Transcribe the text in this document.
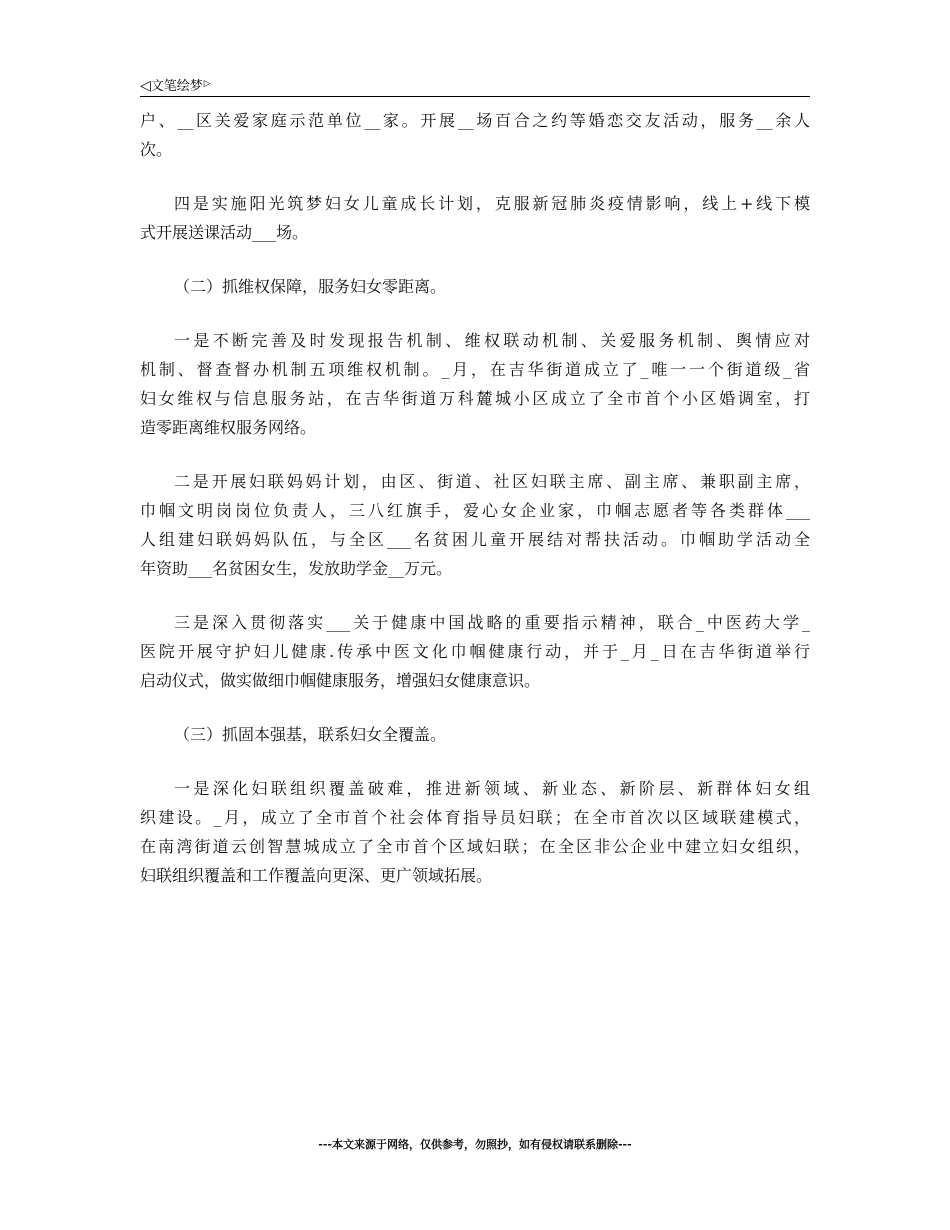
◁文笔绘梦▷
户、__区关爱家庭示范单位__家。开展__场百合之约等婚恋交友活动，服务__余人
次。
四是实施阳光筑梦妇女儿童成长计划，克服新冠肺炎疫情影响，线上+线下模
式开展送课活动___场。
（二）抓维权保障，服务妇女零距离。
一是不断完善及时发现报告机制、维权联动机制、关爱服务机制、舆情应对
机制、督查督办机制五项维权机制。_月，在吉华街道成立了_唯一一个街道级_省
妇女维权与信息服务站，在吉华街道万科麓城小区成立了全市首个小区婚调室，打
造零距离维权服务网络。
二是开展妇联妈妈计划，由区、街道、社区妇联主席、副主席、兼职副主席，
巾帼文明岗岗位负责人，三八红旗手，爱心女企业家，巾帼志愿者等各类群体___
人组建妇联妈妈队伍，与全区___名贫困儿童开展结对帮扶活动。巾帼助学活动全
年资助___名贫困女生，发放助学金__万元。
三是深入贯彻落实___关于健康中国战略的重要指示精神，联合_中医药大学_
医院开展守护妇儿健康.传承中医文化巾帼健康行动，并于_月_日在吉华街道举行
启动仪式，做实做细巾帼健康服务，增强妇女健康意识。
（三）抓固本强基，联系妇女全覆盖。
一是深化妇联组织覆盖破难，推进新领域、新业态、新阶层、新群体妇女组
织建设。_月，成立了全市首个社会体育指导员妇联；在全市首次以区域联建模式，
在南湾街道云创智慧城成立了全市首个区域妇联；在全区非公企业中建立妇女组织，
妇联组织覆盖和工作覆盖向更深、更广领域拓展。
---本文来源于网络，仅供参考，勿照抄，如有侵权请联系删除---
